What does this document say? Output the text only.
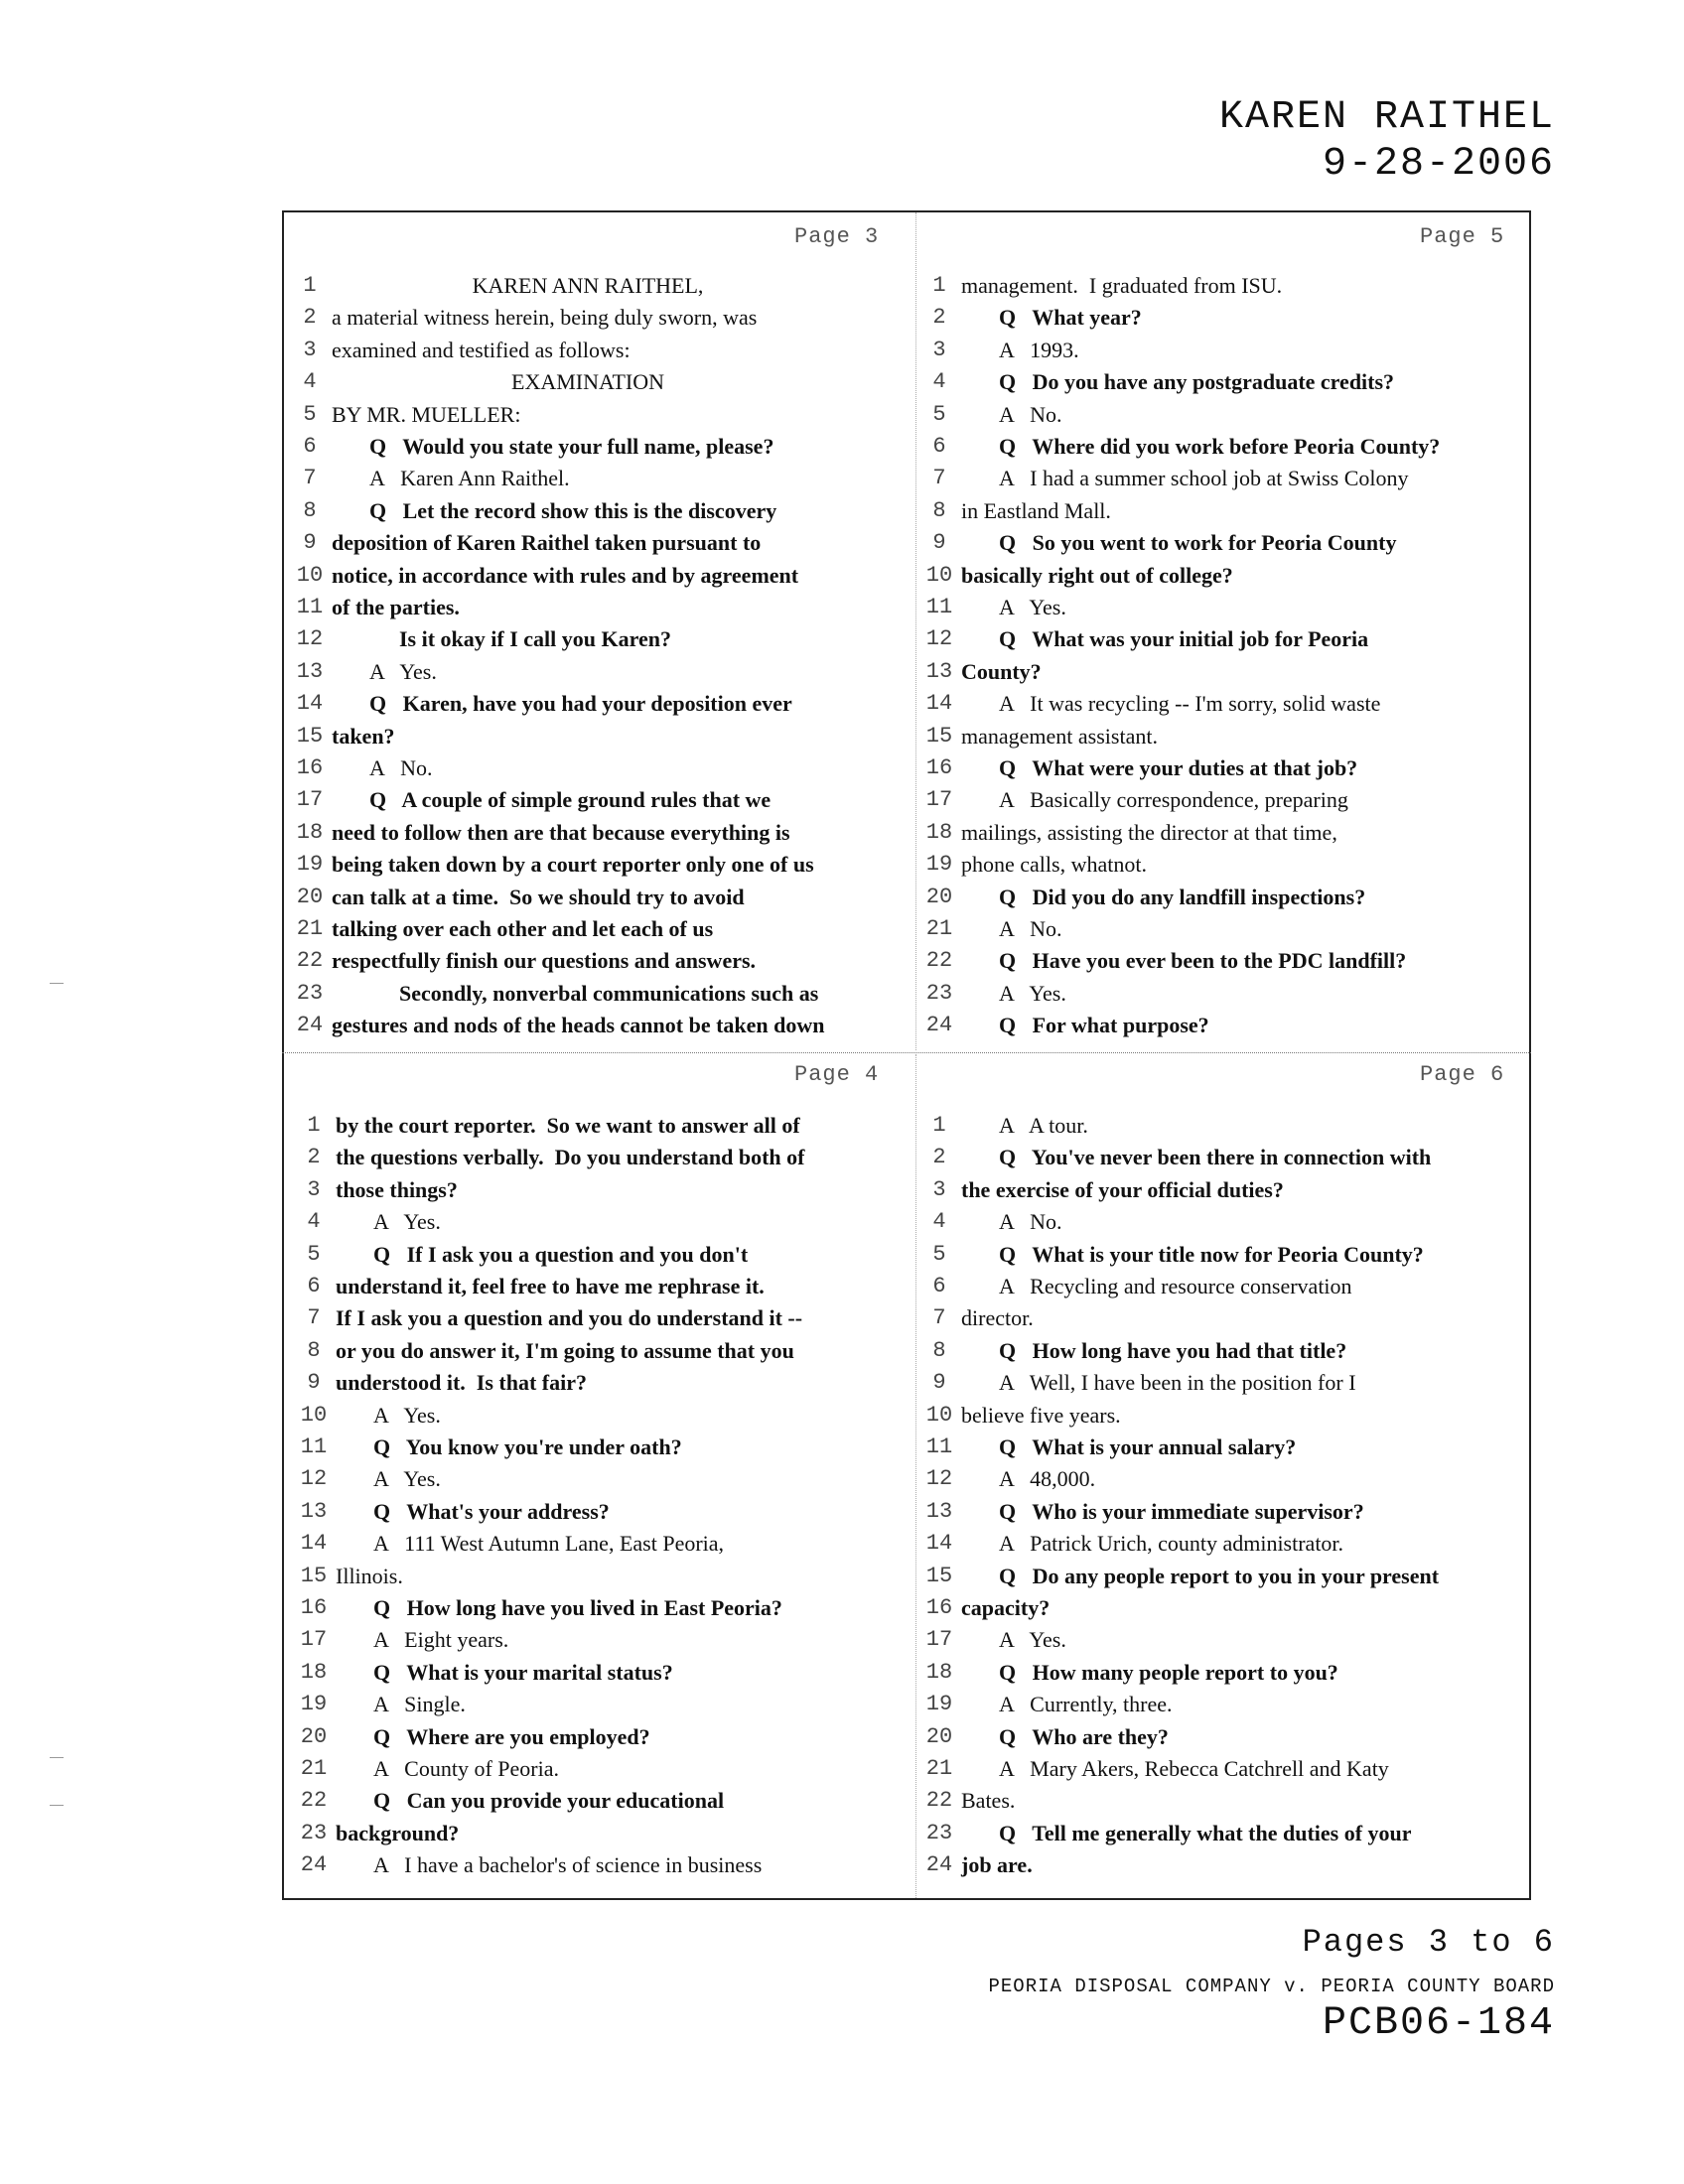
KAREN RAITHEL
9-28-2006
Page 3	Page 5
Page 4	Page 6
1	KAREN ANN RAITHEL,
2 a material witness herein, being duly sworn, was
3 examined and testified as follows:
4	EXAMINATION
5 BY MR. MUELLER:
6	Q   Would you state your full name, please?
7	A   Karen Ann Raithel.
8	Q   Let the record show this is the discovery
9 deposition of Karen Raithel taken pursuant to
10 notice, in accordance with rules and by agreement
11 of the parties.
12	Is it okay if I call you Karen?
13	A   Yes.
14	Q   Karen, have you had your deposition ever
15 taken?
16	A   No.
17	Q   A couple of simple ground rules that we
18 need to follow then are that because everything is
19 being taken down by a court reporter only one of us
20 can talk at a time.  So we should try to avoid
21 talking over each other and let each of us
22 respectfully finish our questions and answers.
23	Secondly, nonverbal communications such as
24 gestures and nods of the heads cannot be taken down
1 management.  I graduated from ISU.
2	Q   What year?
3	A   1993.
4	Q   Do you have any postgraduate credits?
5	A   No.
6	Q   Where did you work before Peoria County?
7	A   I had a summer school job at Swiss Colony
8 in Eastland Mall.
9	Q   So you went to work for Peoria County
10 basically right out of college?
11	A   Yes.
12	Q   What was your initial job for Peoria
13 County?
14	A   It was recycling -- I'm sorry, solid waste
15 management assistant.
16	Q   What were your duties at that job?
17	A   Basically correspondence, preparing
18 mailings, assisting the director at that time,
19 phone calls, whatnot.
20	Q   Did you do any landfill inspections?
21	A   No.
22	Q   Have you ever been to the PDC landfill?
23	A   Yes.
24	Q   For what purpose?
1 by the court reporter.  So we want to answer all of
2 the questions verbally.  Do you understand both of
3 those things?
4	A   Yes.
5	Q   If I ask you a question and you don't
6 understand it, feel free to have me rephrase it.
7 If I ask you a question and you do understand it --
8 or you do answer it, I'm going to assume that you
9 understood it.  Is that fair?
10	A   Yes.
11	Q   You know you're under oath?
12	A   Yes.
13	Q   What's your address?
14	A   111 West Autumn Lane, East Peoria,
15 Illinois.
16	Q   How long have you lived in East Peoria?
17	A   Eight years.
18	Q   What is your marital status?
19	A   Single.
20	Q   Where are you employed?
21	A   County of Peoria.
22	Q   Can you provide your educational
23 background?
24	A   I have a bachelor's of science in business
1	A   A tour.
2	Q   You've never been there in connection with
3 the exercise of your official duties?
4	A   No.
5	Q   What is your title now for Peoria County?
6	A   Recycling and resource conservation
7 director.
8	Q   How long have you had that title?
9	A   Well, I have been in the position for I
10 believe five years.
11	Q   What is your annual salary?
12	A   48,000.
13	Q   Who is your immediate supervisor?
14	A   Patrick Urich, county administrator.
15	Q   Do any people report to you in your present
16 capacity?
17	A   Yes.
18	Q   How many people report to you?
19	A   Currently, three.
20	Q   Who are they?
21	A   Mary Akers, Rebecca Catchrell and Katy
22 Bates.
23	Q   Tell me generally what the duties of your
24 job are.
Pages 3 to 6
PEORIA DISPOSAL COMPANY v. PEORIA COUNTY BOARD
PCB06-184
